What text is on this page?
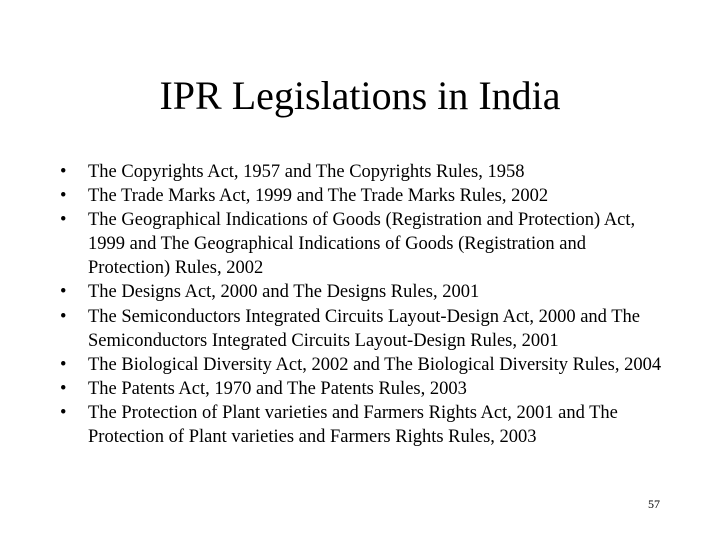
IPR Legislations in India
• The Copyrights Act, 1957 and The Copyrights Rules, 1958
• The Trade Marks Act, 1999 and The Trade Marks Rules, 2002
• The Geographical Indications of Goods (Registration and Protection) Act, 1999 and The Geographical Indications of Goods (Registration and Protection) Rules, 2002
• The Designs Act, 2000 and The Designs Rules, 2001
• The Semiconductors Integrated Circuits Layout-Design Act, 2000 and The Semiconductors Integrated Circuits Layout-Design Rules, 2001
• The Biological Diversity Act, 2002 and The Biological Diversity Rules, 2004
• The Patents Act, 1970 and The Patents Rules, 2003
• The Protection of Plant varieties and Farmers Rights Act, 2001 and The Protection of Plant varieties and Farmers Rights Rules, 2003
57
